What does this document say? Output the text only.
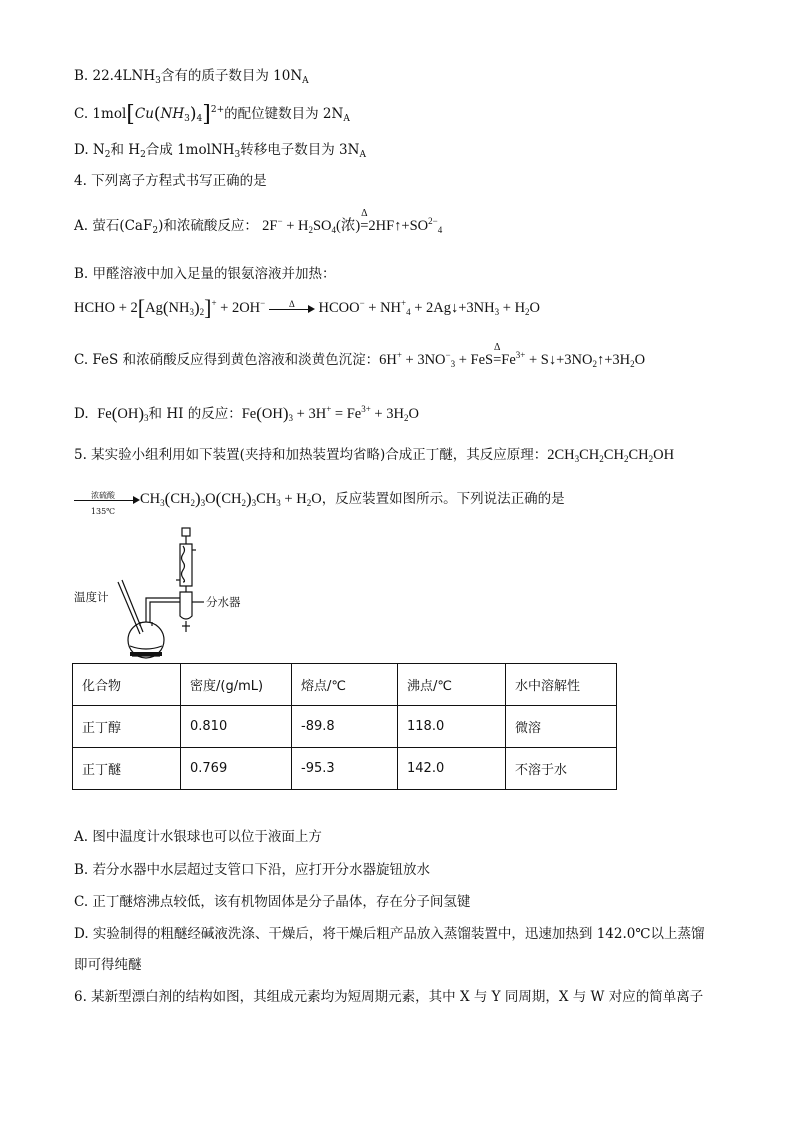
B. $22.4LNH_3$含有的质子数目为 $10N_A$
C. $1mol[Cu(NH_3)_4]^{2+}$的配位键数目为 $2N_A$
D. $N_2$和 $H_2$合成 1molNH$_3$转移电子数目为 $3N_A$
4. 下列离子方程式书写正确的是
A. 萤石(CaF$_2$)和浓硫酸反应： $2F^- + H_2SO_4$(浓)=
Δ
$2HF↑+SO^{2-}_4$
B. 甲醛溶液中加入足量的银氨溶液并加热：
HCHO + $2[Ag(NH_3)_2]^+ + 2OH^-$	Δ	HCOO− + $NH^+_4$ + $2Ag↓+3NH_3 + H_2O$
C. FeS 和浓硝酸反应得到黄色溶液和淡黄色沉淀：$6H^+ + 3NO^-_3 + FeS=$
Δ
$Fe^{3+}$ + $S↓+3NO_2↑+3H_2O$
D. $Fe(OH)_3$和 HI 的反应：$Fe(OH)_3 + 3H^+ = Fe^{3+} + 3H_2O$
5. 某实验小组利用如下装置(夹持和加热装置均省略)合成正丁醚，其反应原理：$2CH_3CH_2CH_2CH_2OH$
浓硫酸
135℃
$CH_3(CH_2)_3O(CH_2)_3CH_3 + H_2O$，反应装置如图所示。下列说法正确的是
温度计	分水器
化合物	密度/(g/mL)	熔点/℃	沸点/℃	水中溶解性
正丁醇	0.810	-89.8	118.0	微溶
正丁醚	0.769	-95.3	142.0	不溶于水
A. 图中温度计水银球也可以位于液面上方
B. 若分水器中水层超过支管口下沿，应打开分水器旋钮放水
C. 正丁醚熔沸点较低，该有机物固体是分子晶体，存在分子间氢键
D. 实验制得的粗醚经碱液洗涤、干燥后，将干燥后粗产品放入蒸馏装置中，迅速加热到 142.0℃以上蒸馏
即可得纯醚
6. 某新型漂白剂的结构如图，其组成元素均为短周期元素，其中 X 与 Y 同周期，X 与 W 对应的简单离子
